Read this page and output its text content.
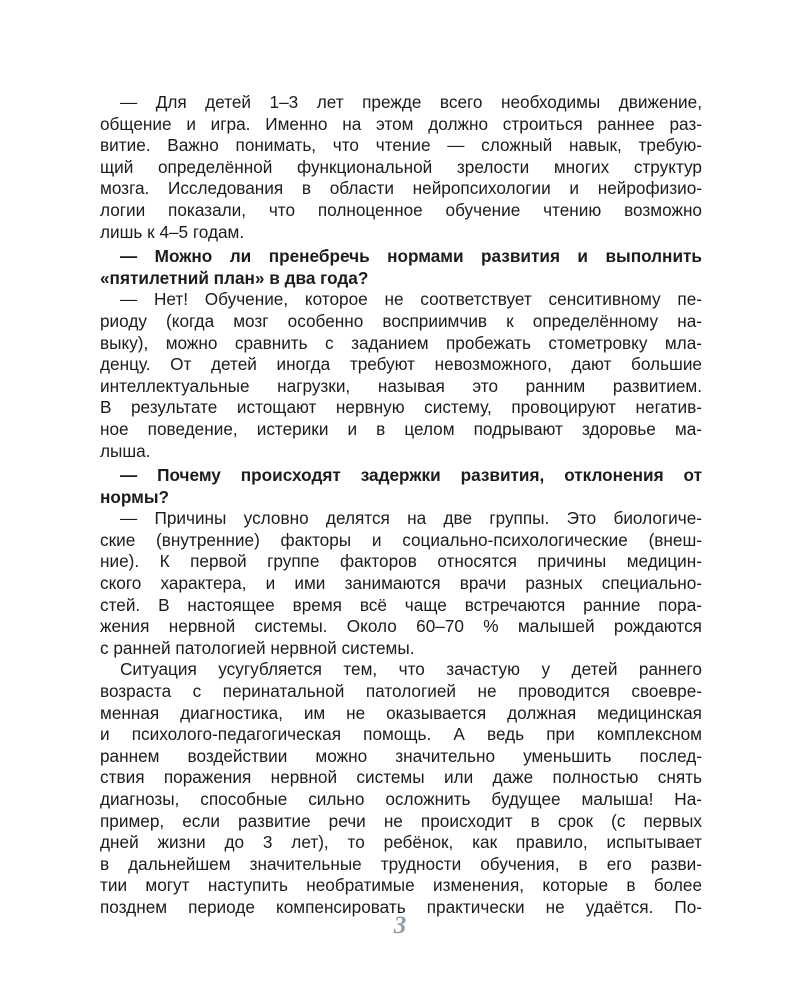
— Для детей 1–3 лет прежде всего необходимы движение,
общение и игра. Именно на этом должно строиться раннее раз-
витие. Важно понимать, что чтение — сложный навык, требую-
щий определённой функциональной зрелости многих структур
мозга. Исследования в области нейропсихологии и нейрофизио-
логии показали, что полноценное обучение чтению возможно
лишь к 4–5 годам.
— Можно ли пренебречь нормами развития и выполнить
«пятилетний план» в два года?
— Нет! Обучение, которое не соответствует сенситивному пе-
риоду (когда мозг особенно восприимчив к определённому на-
выку), можно сравнить с заданием пробежать стометровку мла-
денцу. От детей иногда требуют невозможного, дают большие
интеллектуальные нагрузки, называя это ранним развитием.
В результате истощают нервную систему, провоцируют негатив-
ное поведение, истерики и в целом подрывают здоровье ма-
лыша.
— Почему происходят задержки развития, отклонения от
нормы?
— Причины условно делятся на две группы. Это биологиче-
ские (внутренние) факторы и социально-психологические (внеш-
ние). К первой группе факторов относятся причины медицин-
ского характера, и ими занимаются врачи разных специально-
стей. В настоящее время всё чаще встречаются ранние пора-
жения нервной системы. Около 60–70 % малышей рождаются
с ранней патологией нервной системы.
Ситуация усугубляется тем, что зачастую у детей раннего
возраста с перинатальной патологией не проводится своевре-
менная диагностика, им не оказывается должная медицинская
и психолого-педагогическая помощь. А ведь при комплексном
раннем воздействии можно значительно уменьшить послед-
ствия поражения нервной системы или даже полностью снять
диагнозы, способные сильно осложнить будущее малыша! На-
пример, если развитие речи не происходит в срок (с первых
дней жизни до 3 лет), то ребёнок, как правило, испытывает
в дальнейшем значительные трудности обучения, в его разви-
тии могут наступить необратимые изменения, которые в более
позднем периоде компенсировать практически не удаётся. По-
3
